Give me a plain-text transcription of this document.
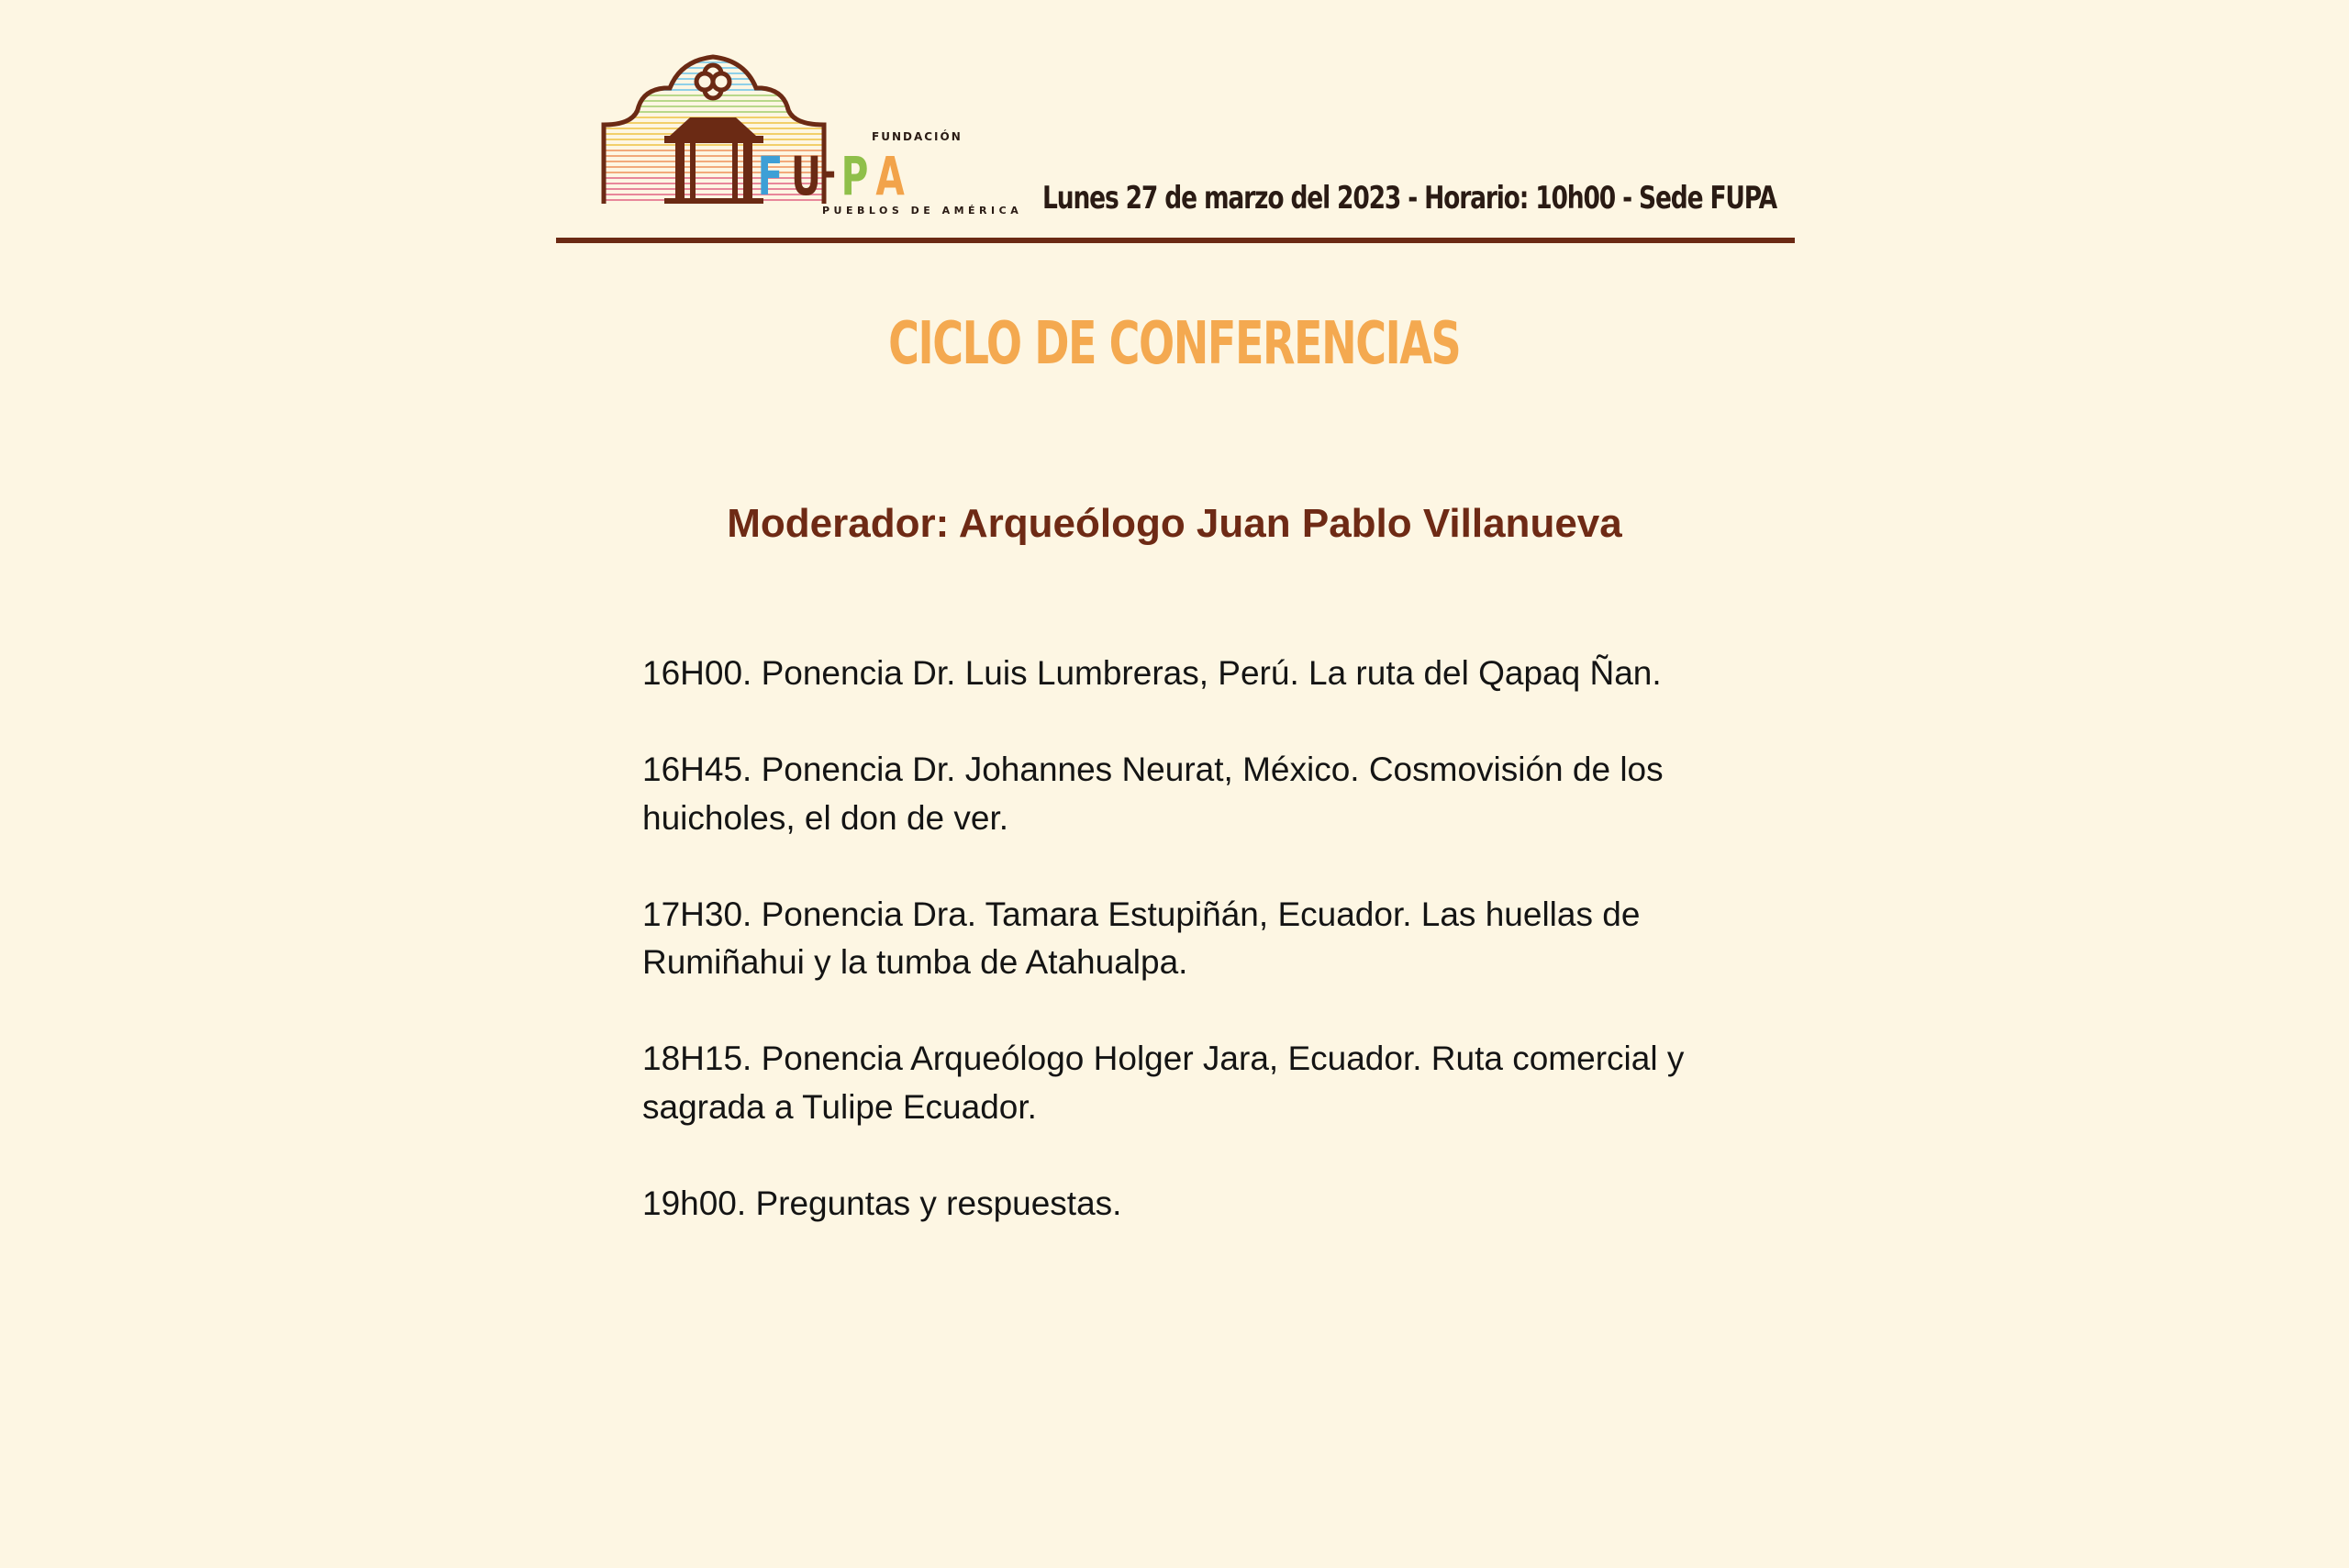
FUNDACIÓN
F U - P A
PUEBLOS DE AMÉRICA Lunes 27 de marzo del 2023 - Horario: 10h00 - Sede FUPA
CICLO DE CONFERENCIAS
Moderador: Arqueólogo Juan Pablo Villanueva
16H00. Ponencia Dr. Luis Lumbreras, Perú. La ruta del Qapaq Ñan.
16H45. Ponencia Dr. Johannes Neurat, México. Cosmovisión de los huicholes, el don de ver.
17H30. Ponencia Dra. Tamara Estupiñán, Ecuador. Las huellas de Rumiñahui y la tumba de Atahualpa.
18H15. Ponencia Arqueólogo Holger Jara, Ecuador. Ruta comercial y sagrada a Tulipe Ecuador.
19h00. Preguntas y respuestas.
